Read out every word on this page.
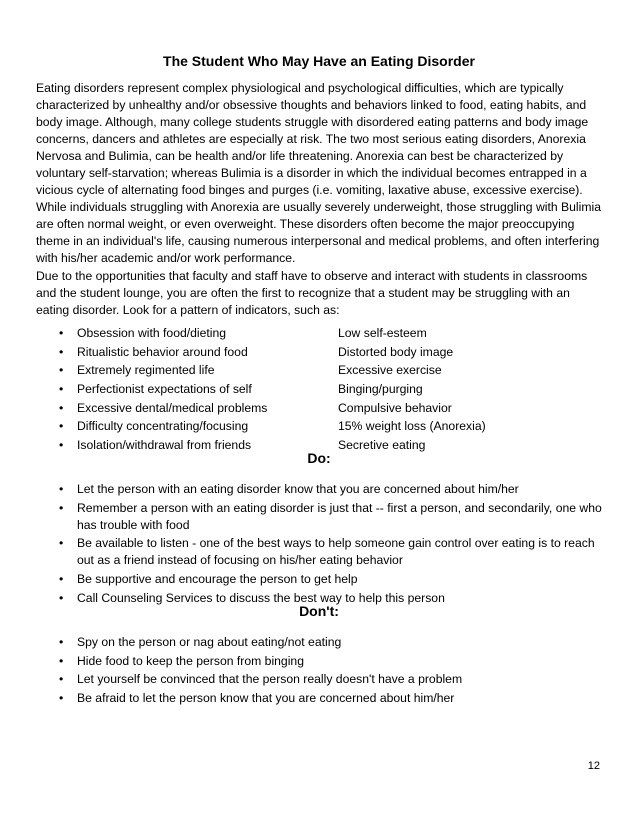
The Student Who May Have an Eating Disorder

Eating disorders represent complex physiological and psychological difficulties, which are typically characterized by unhealthy and/or obsessive thoughts and behaviors linked to food, eating habits, and body image. Although, many college students struggle with disordered eating patterns and body image concerns, dancers and athletes are especially at risk. The two most serious eating disorders, Anorexia Nervosa and Bulimia, can be health and/or life threatening. Anorexia can best be characterized by voluntary self-starvation; whereas Bulimia is a disorder in which the individual becomes entrapped in a vicious cycle of alternating food binges and purges (i.e. vomiting, laxative abuse, excessive exercise). While individuals struggling with Anorexia are usually severely underweight, those struggling with Bulimia are often normal weight, or even overweight. These disorders often become the major preoccupying theme in an individual's life, causing numerous interpersonal and medical problems, and often interfering with his/her academic and/or work performance.

Due to the opportunities that faculty and staff have to observe and interact with students in classrooms and the student lounge, you are often the first to recognize that a student may be struggling with an eating disorder. Look for a pattern of indicators, such as:

• Obsession with food/dieting	Low self-esteem
• Ritualistic behavior around food	Distorted body image
• Extremely regimented life	Excessive exercise
• Perfectionist expectations of self	Binging/purging
• Excessive dental/medical problems	Compulsive behavior
• Difficulty concentrating/focusing	15% weight loss (Anorexia)
• Isolation/withdrawal from friends	Secretive eating
Do:
• Let the person with an eating disorder know that you are concerned about him/her
• Remember a person with an eating disorder is just that -- first a person, and secondarily, one who has trouble with food
• Be available to listen - one of the best ways to help someone gain control over eating is to reach out as a friend instead of focusing on his/her eating behavior
• Be supportive and encourage the person to get help
• Call Counseling Services to discuss the best way to help this person
Don't:
• Spy on the person or nag about eating/not eating
• Hide food to keep the person from binging
• Let yourself be convinced that the person really doesn't have a problem
• Be afraid to let the person know that you are concerned about him/her
12
